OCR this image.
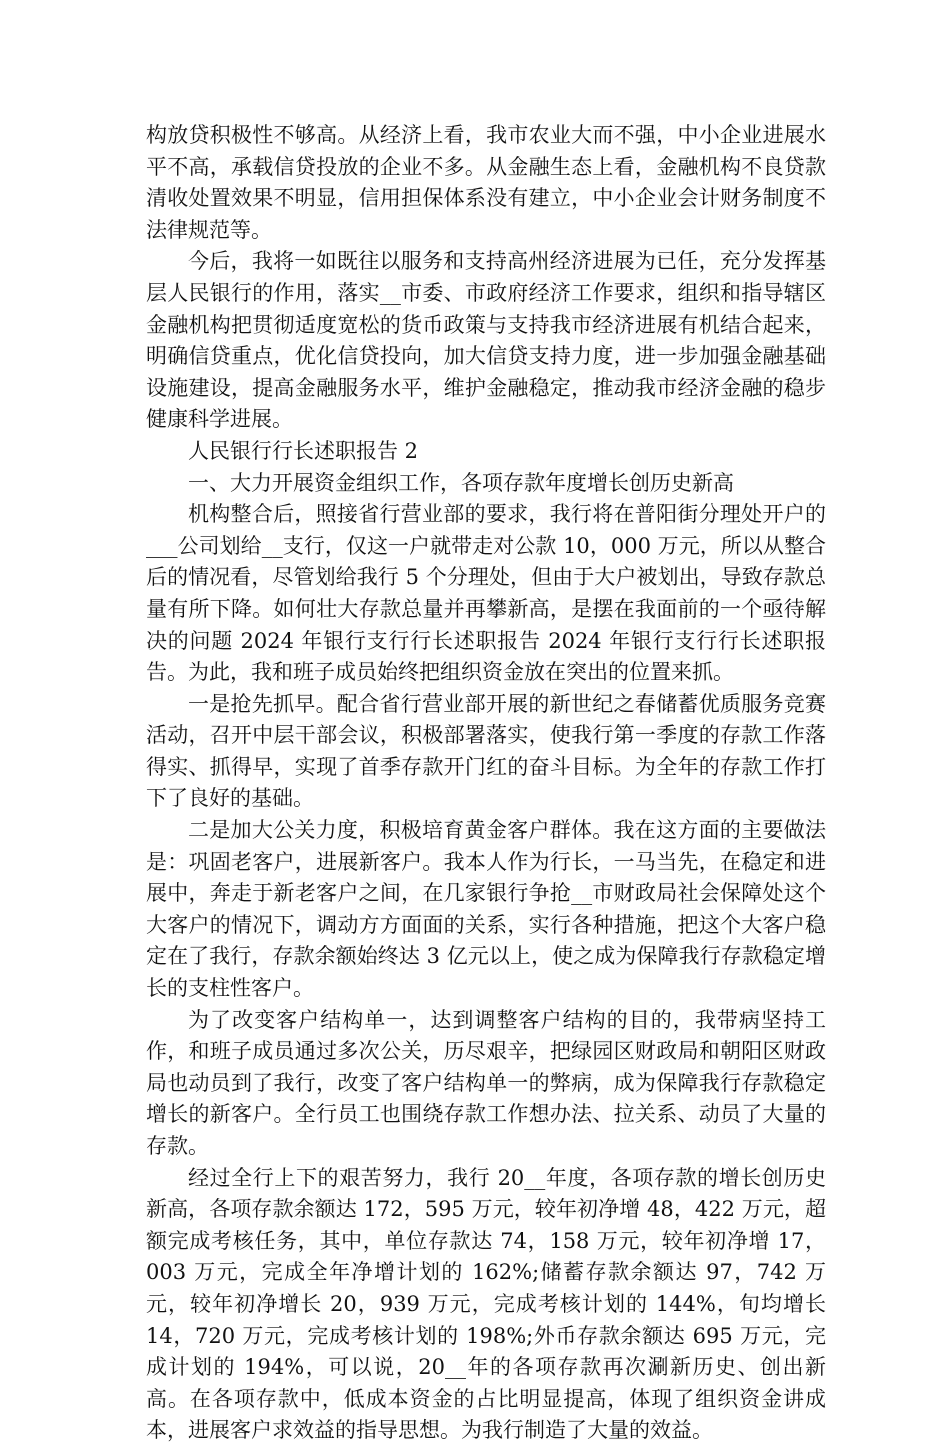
构放贷积极性不够高。从经济上看，我市农业大而不强，中小企业进展水平不高，承载信贷投放的企业不多。从金融生态上看，金融机构不良贷款清收处置效果不明显，信用担保体系没有建立，中小企业会计财务制度不法律规范等。

今后，我将一如既往以服务和支持高州经济进展为已任，充分发挥基层人民银行的作用，落实__市委、市政府经济工作要求，组织和指导辖区金融机构把贯彻适度宽松的货币政策与支持我市经济进展有机结合起来，明确信贷重点，优化信贷投向，加大信贷支持力度，进一步加强金融基础设施建设，提高金融服务水平，维护金融稳定，推动我市经济金融的稳步健康科学进展。

人民银行行长述职报告 2

一、大力开展资金组织工作，各项存款年度增长创历史新高

机构整合后，照接省行营业部的要求，我行将在普阳街分理处开户的___公司划给__支行，仅这一户就带走对公款 10，000 万元，所以从整合后的情况看，尽管划给我行 5 个分理处，但由于大户被划出，导致存款总量有所下降。如何壮大存款总量并再攀新高，是摆在我面前的一个亟待解决的问题 2024 年银行支行行长述职报告 2024 年银行支行行长述职报告。为此，我和班子成员始终把组织资金放在突出的位置来抓。

一是抢先抓早。配合省行营业部开展的新世纪之春储蓄优质服务竞赛活动，召开中层干部会议，积极部署落实，使我行第一季度的存款工作落得实、抓得早，实现了首季存款开门红的奋斗目标。为全年的存款工作打下了良好的基础。

二是加大公关力度，积极培育黄金客户群体。我在这方面的主要做法是：巩固老客户，进展新客户。我本人作为行长，一马当先，在稳定和进展中，奔走于新老客户之间，在几家银行争抢__市财政局社会保障处这个大客户的情况下，调动方方面面的关系，实行各种措施，把这个大客户稳定在了我行，存款余额始终达 3 亿元以上，使之成为保障我行存款稳定增长的支柱性客户。

为了改变客户结构单一，达到调整客户结构的目的，我带病坚持工作，和班子成员通过多次公关，历尽艰辛，把绿园区财政局和朝阳区财政局也动员到了我行，改变了客户结构单一的弊病，成为保障我行存款稳定增长的新客户。全行员工也围绕存款工作想办法、拉关系、动员了大量的存款。

经过全行上下的艰苦努力，我行 20__年度，各项存款的增长创历史新高，各项存款余额达 172，595 万元，较年初净增 48，422 万元，超额完成考核任务，其中，单位存款达 74，158 万元，较年初净增 17，003 万元，完成全年净增计划的 162%;储蓄存款余额达 97，742 万元，较年初净增长 20，939 万元，完成考核计划的 144%，旬均增长 14，720 万元，完成考核计划的 198%;外币存款余额达 695 万元，完成计划的 194%，可以说，20__年的各项存款再次涮新历史、创出新高。在各项存款中，低成本资金的占比明显提高，体现了组织资金讲成本，进展客户求效益的指导思想。为我行制造了大量的效益。
